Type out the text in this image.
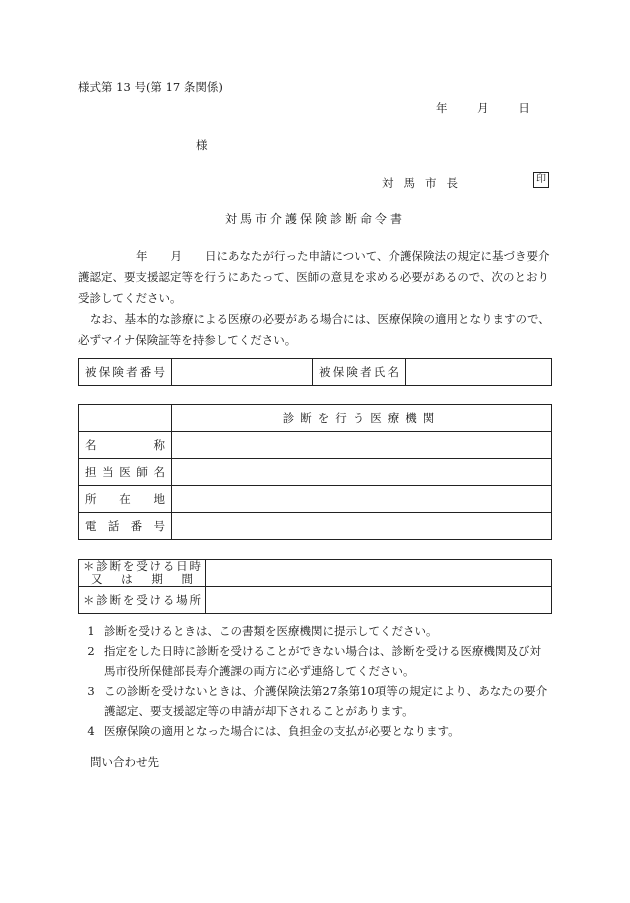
様式第 13 号(第 17 条関係)
年	月	日
様
対馬市長	印
対馬市介護保険診断命令書

年　　月　　日にあなたが行った申請について、介護保険法の規定に基づき要介護認定、要支援認定等を行うにあたって、医師の意見を求める必要があるので、次のとおり受診してください。

なお、基本的な診療による医療の必要がある場合には、医療保険の適用となりますので、必ずマイナ保険証等を持参してください。

被保険者番号		被保険者氏名

	診断を行う医療機関
名称	
担当医師名	
所在地	
電話番号	
＊診断を受ける日時
又は期間	

＊診断を受ける場所	

1 診断を受けるときは、この書類を医療機関に提示してください。
2 指定をした日時に診断を受けることができない場合は、診断を受ける医療機関及び対馬市役所保健部長寿介護課の両方に必ず連絡してください。
3 この診断を受けないときは、介護保険法第27条第10項等の規定により、あなたの要介護認定、要支援認定等の申請が却下されることがあります。
4 医療保険の適用となった場合には、負担金の支払が必要となります。
問い合わせ先
